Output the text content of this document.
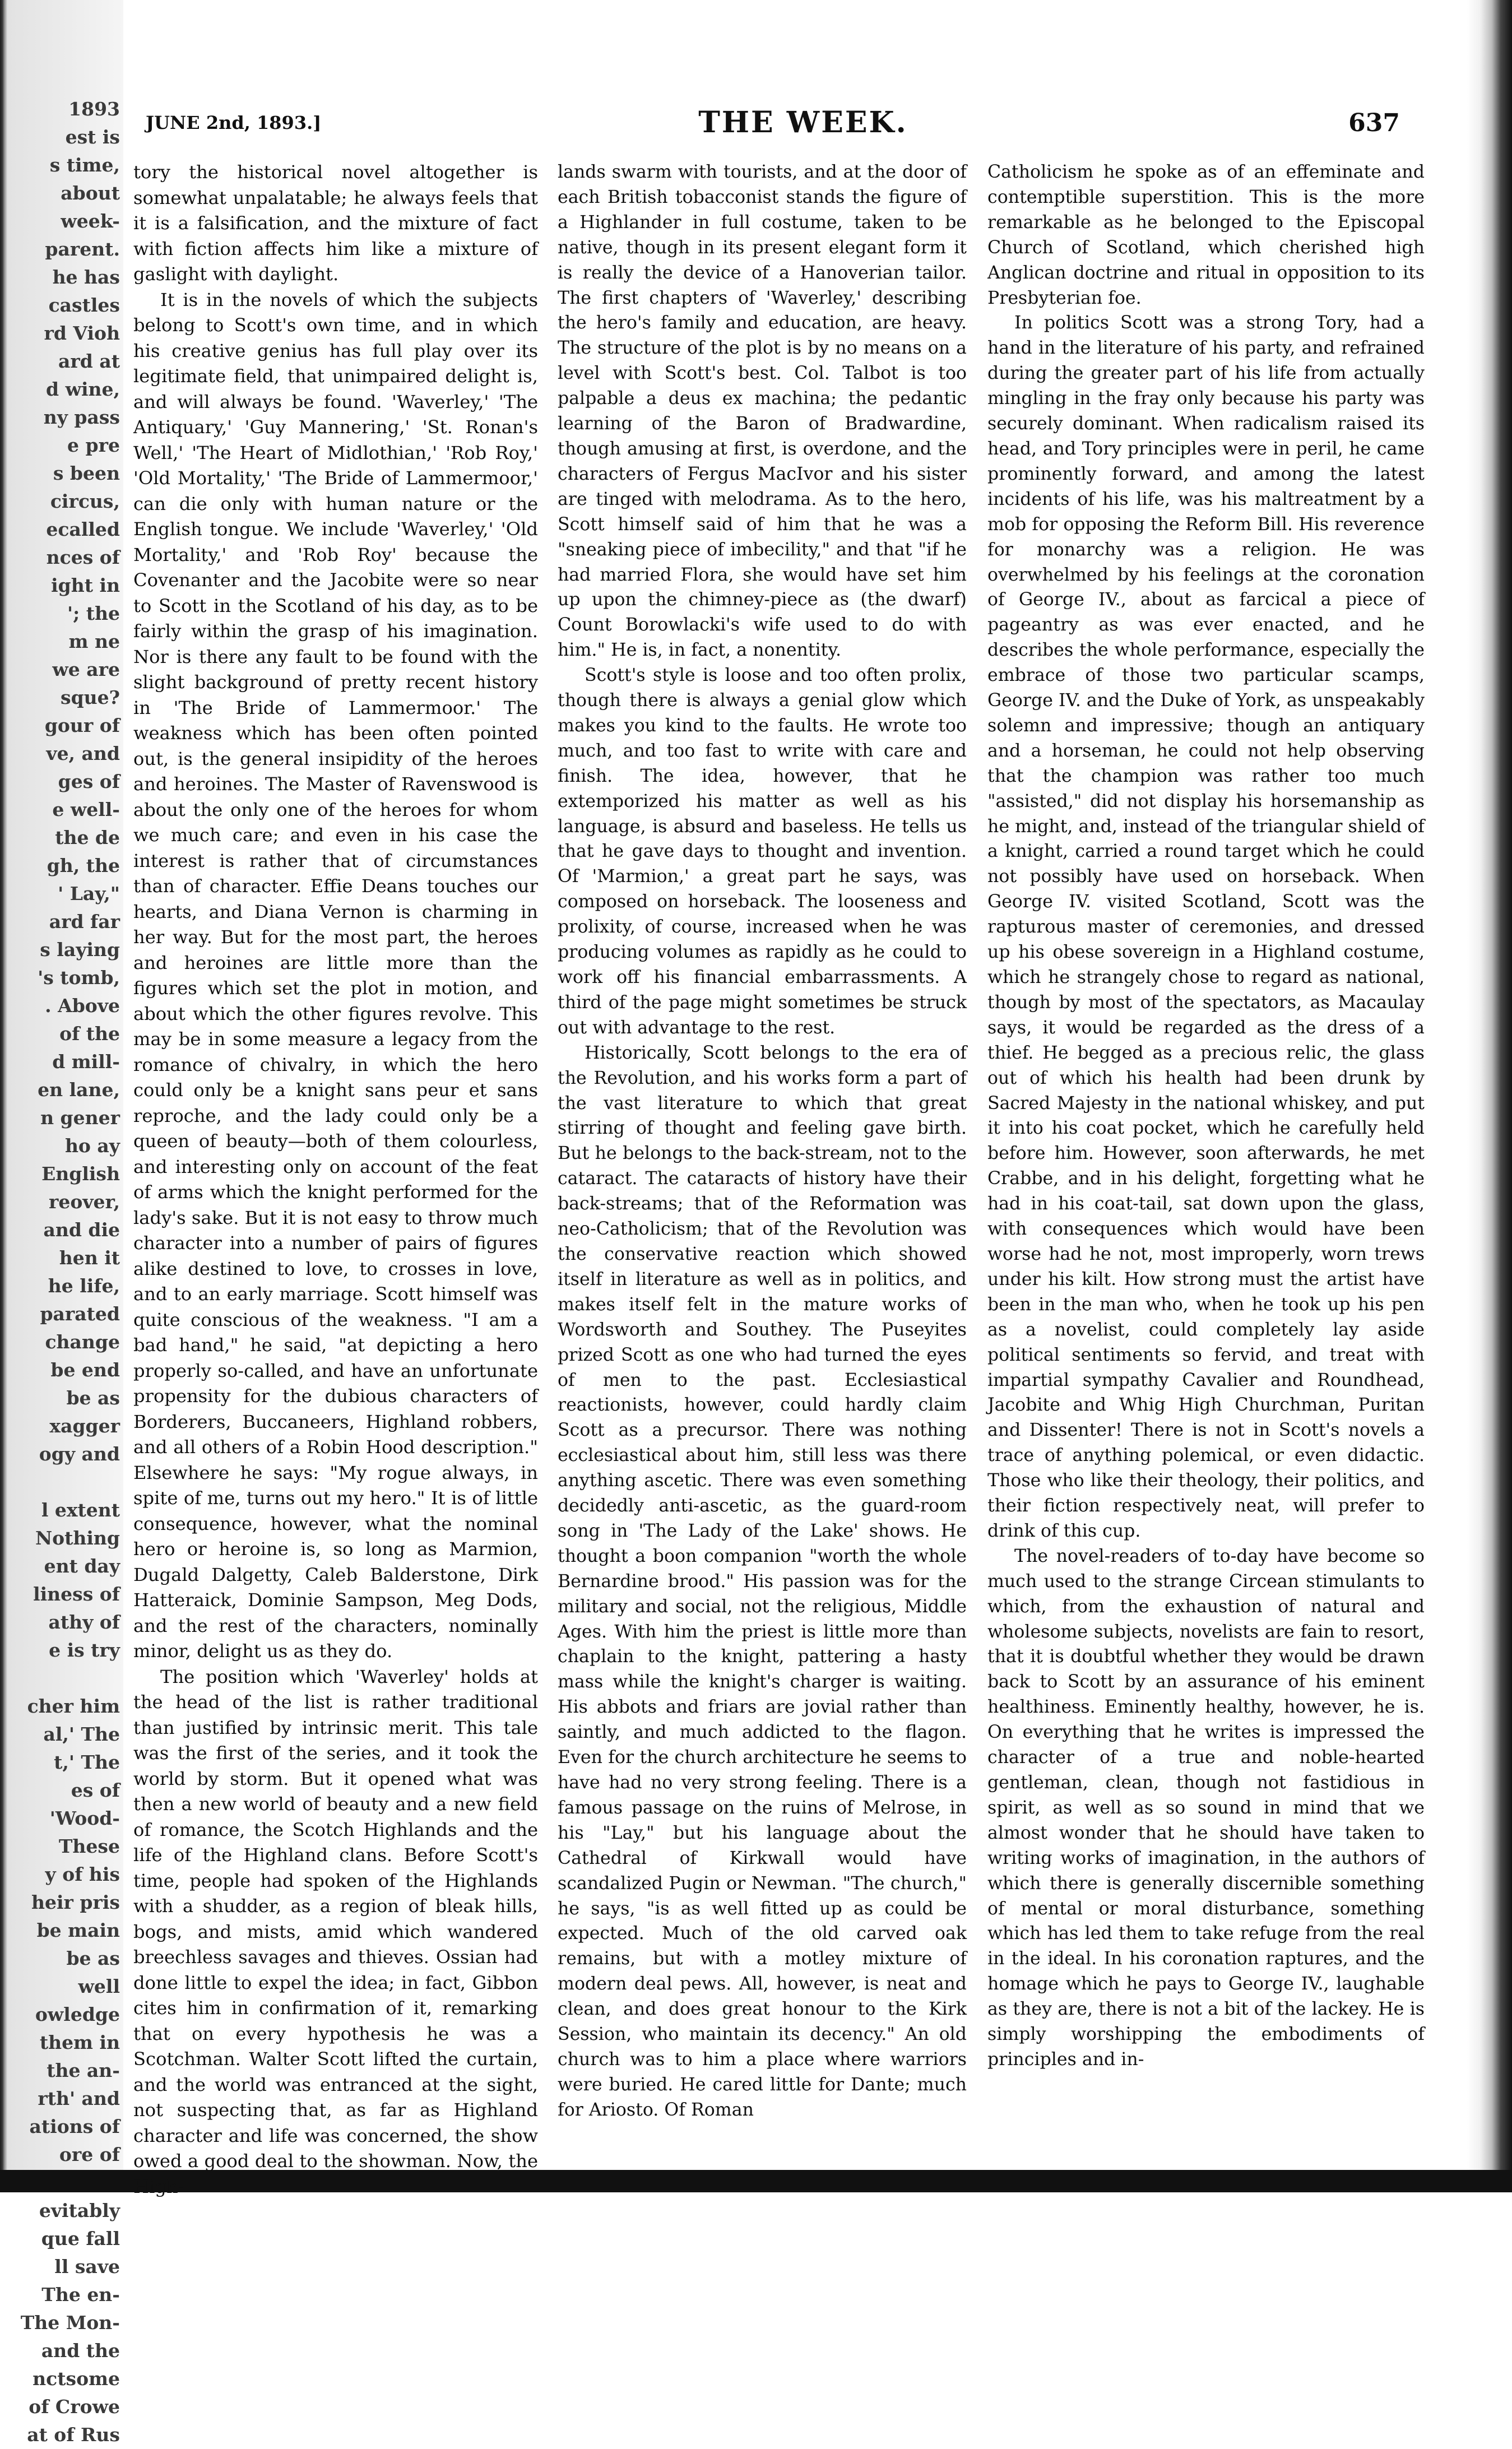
1893
est is
s time,
about
week-
parent.
he has
castles
rd Vioh
ard at
d wine,
ny pass
e pre
s been
circus,
ecalled
nces of
ight in
'; the
m ne
we are
sque?
gour of
ve, and
ges of
e well-
the de
gh, the
' Lay,"
ard far
s laying
's tomb,
. Above
of the
d mill-
en lane,
n gener
ho ay
English
reover,
and die
hen it
he life,
parated
change
be end
be as
xagger
ogy and

l extent
Nothing
ent day
liness of
athy of
e is try

cher him
al,' The
t,' The
es of
'Wood-
These
y of his
heir pris
be main
be as well
owledge
them in
the an-
rth' and
ations of
ore of

evitably
que fall
ll save
The en-
The Mon-
and the
nctsome
of Crowe
at of Rus
JUNE 2nd, 1893.]	THE WEEK.	637

tory the historical novel altogether is somewhat unpalatable; he always feels that it is a falsification, and the mixture of fact with fiction affects him like a mixture of gaslight with daylight.

It is in the novels of which the subjects belong to Scott's own time, and in which his creative genius has full play over its legitimate field, that unimpaired delight is, and will always be found. 'Waverley,' 'The Antiquary,' 'Guy Mannering,' 'St. Ronan's Well,' 'The Heart of Midlothian,' 'Rob Roy,' 'Old Mortality,' 'The Bride of Lammermoor,' can die only with human nature or the English tongue. We include 'Waverley,' 'Old Mortality,' and 'Rob Roy' because the Covenanter and the Jacobite were so near to Scott in the Scotland of his day, as to be fairly within the grasp of his imagination. Nor is there any fault to be found with the slight background of pretty recent history in 'The Bride of Lammermoor.' The weakness which has been often pointed out, is the general insipidity of the heroes and heroines. The Master of Ravenswood is about the only one of the heroes for whom we much care; and even in his case the interest is rather that of circumstances than of character. Effie Deans touches our hearts, and Diana Vernon is charming in her way. But for the most part, the heroes and heroines are little more than the figures which set the plot in motion, and about which the other figures revolve. This may be in some measure a legacy from the romance of chivalry, in which the hero could only be a knight sans peur et sans reproche, and the lady could only be a queen of beauty—both of them colourless, and interesting only on account of the feat of arms which the knight performed for the lady's sake. But it is not easy to throw much character into a number of pairs of figures alike destined to love, to crosses in love, and to an early marriage. Scott himself was quite conscious of the weakness. "I am a bad hand," he said, "at depicting a hero properly so-called, and have an unfortunate propensity for the dubious characters of Borderers, Buccaneers, Highland robbers, and all others of a Robin Hood description." Elsewhere he says: "My rogue always, in spite of me, turns out my hero." It is of little consequence, however, what the nominal hero or heroine is, so long as Marmion, Dugald Dalgetty, Caleb Balderstone, Dirk Hatteraick, Dominie Sampson, Meg Dods, and the rest of the characters, nominally minor, delight us as they do.

The position which 'Waverley' holds at the head of the list is rather traditional than justified by intrinsic merit. This tale was the first of the series, and it took the world by storm. But it opened what was then a new world of beauty and a new field of romance, the Scotch Highlands and the life of the Highland clans. Before Scott's time, people had spoken of the Highlands with a shudder, as a region of bleak hills, bogs, and mists, amid which wandered breechless savages and thieves. Ossian had done little to expel the idea; in fact, Gibbon cites him in confirmation of it, remarking that on every hypothesis he was a Scotchman. Walter Scott lifted the curtain, and the world was entranced at the sight, not suspecting that, as far as Highland character and life was concerned, the show owed a good deal to the showman. Now, the High-

lands swarm with tourists, and at the door of each British tobacconist stands the figure of a Highlander in full costume, taken to be native, though in its present elegant form it is really the device of a Hanoverian tailor. The first chapters of 'Waverley,' describing the hero's family and education, are heavy. The structure of the plot is by no means on a level with Scott's best. Col. Talbot is too palpable a deus ex machina; the pedantic learning of the Baron of Bradwardine, though amusing at first, is overdone, and the characters of Fergus MacIvor and his sister are tinged with melodrama. As to the hero, Scott himself said of him that he was a "sneaking piece of imbecility," and that "if he had married Flora, she would have set him up upon the chimney-piece as (the dwarf) Count Borowlacki's wife used to do with him." He is, in fact, a nonentity.

Scott's style is loose and too often prolix, though there is always a genial glow which makes you kind to the faults. He wrote too much, and too fast to write with care and finish. The idea, however, that he extemporized his matter as well as his language, is absurd and baseless. He tells us that he gave days to thought and invention. Of 'Marmion,' a great part he says, was composed on horseback. The looseness and prolixity, of course, increased when he was producing volumes as rapidly as he could to work off his financial embarrassments. A third of the page might sometimes be struck out with advantage to the rest.

Historically, Scott belongs to the era of the Revolution, and his works form a part of the vast literature to which that great stirring of thought and feeling gave birth. But he belongs to the back-stream, not to the cataract. The cataracts of history have their back-streams; that of the Reformation was neo-Catholicism; that of the Revolution was the conservative reaction which showed itself in literature as well as in politics, and makes itself felt in the mature works of Wordsworth and Southey. The Puseyites prized Scott as one who had turned the eyes of men to the past. Ecclesiastical reactionists, however, could hardly claim Scott as a precursor. There was nothing ecclesiastical about him, still less was there anything ascetic. There was even something decidedly anti-ascetic, as the guard-room song in 'The Lady of the Lake' shows. He thought a boon companion "worth the whole Bernardine brood." His passion was for the military and social, not the religious, Middle Ages. With him the priest is little more than chaplain to the knight, pattering a hasty mass while the knight's charger is waiting. His abbots and friars are jovial rather than saintly, and much addicted to the flagon. Even for the church architecture he seems to have had no very strong feeling. There is a famous passage on the ruins of Melrose, in his "Lay," but his language about the Cathedral of Kirkwall would have scandalized Pugin or Newman. "The church," he says, "is as well fitted up as could be expected. Much of the old carved oak remains, but with a motley mixture of modern deal pews. All, however, is neat and clean, and does great honour to the Kirk Session, who maintain its decency." An old church was to him a place where warriors were buried. He cared little for Dante; much for Ariosto. Of Roman

Catholicism he spoke as of an effeminate and contemptible superstition. This is the more remarkable as he belonged to the Episcopal Church of Scotland, which cherished high Anglican doctrine and ritual in opposition to its Presbyterian foe.

In politics Scott was a strong Tory, had a hand in the literature of his party, and refrained during the greater part of his life from actually mingling in the fray only because his party was securely dominant. When radicalism raised its head, and Tory principles were in peril, he came prominently forward, and among the latest incidents of his life, was his maltreatment by a mob for opposing the Reform Bill. His reverence for monarchy was a religion. He was overwhelmed by his feelings at the coronation of George IV., about as farcical a piece of pageantry as was ever enacted, and he describes the whole performance, especially the embrace of those two particular scamps, George IV. and the Duke of York, as unspeakably solemn and impressive; though an antiquary and a horseman, he could not help observing that the champion was rather too much "assisted," did not display his horsemanship as he might, and, instead of the triangular shield of a knight, carried a round target which he could not possibly have used on horseback. When George IV. visited Scotland, Scott was the rapturous master of ceremonies, and dressed up his obese sovereign in a Highland costume, which he strangely chose to regard as national, though by most of the spectators, as Macaulay says, it would be regarded as the dress of a thief. He begged as a precious relic, the glass out of which his health had been drunk by Sacred Majesty in the national whiskey, and put it into his coat pocket, which he carefully held before him. However, soon afterwards, he met Crabbe, and in his delight, forgetting what he had in his coat-tail, sat down upon the glass, with consequences which would have been worse had he not, most improperly, worn trews under his kilt. How strong must the artist have been in the man who, when he took up his pen as a novelist, could completely lay aside political sentiments so fervid, and treat with impartial sympathy Cavalier and Roundhead, Jacobite and Whig High Churchman, Puritan and Dissenter! There is not in Scott's novels a trace of anything polemical, or even didactic. Those who like their theology, their politics, and their fiction respectively neat, will prefer to drink of this cup.

The novel-readers of to-day have become so much used to the strange Circean stimulants to which, from the exhaustion of natural and wholesome subjects, novelists are fain to resort, that it is doubtful whether they would be drawn back to Scott by an assurance of his eminent healthiness. Eminently healthy, however, he is. On everything that he writes is impressed the character of a true and noble-hearted gentleman, clean, though not fastidious in spirit, as well as so sound in mind that we almost wonder that he should have taken to writing works of imagination, in the authors of which there is generally discernible something of mental or moral disturbance, something which has led them to take refuge from the real in the ideal. In his coronation raptures, and the homage which he pays to George IV., laughable as they are, there is not a bit of the lackey. He is simply worshipping the embodiments of principles and in-
